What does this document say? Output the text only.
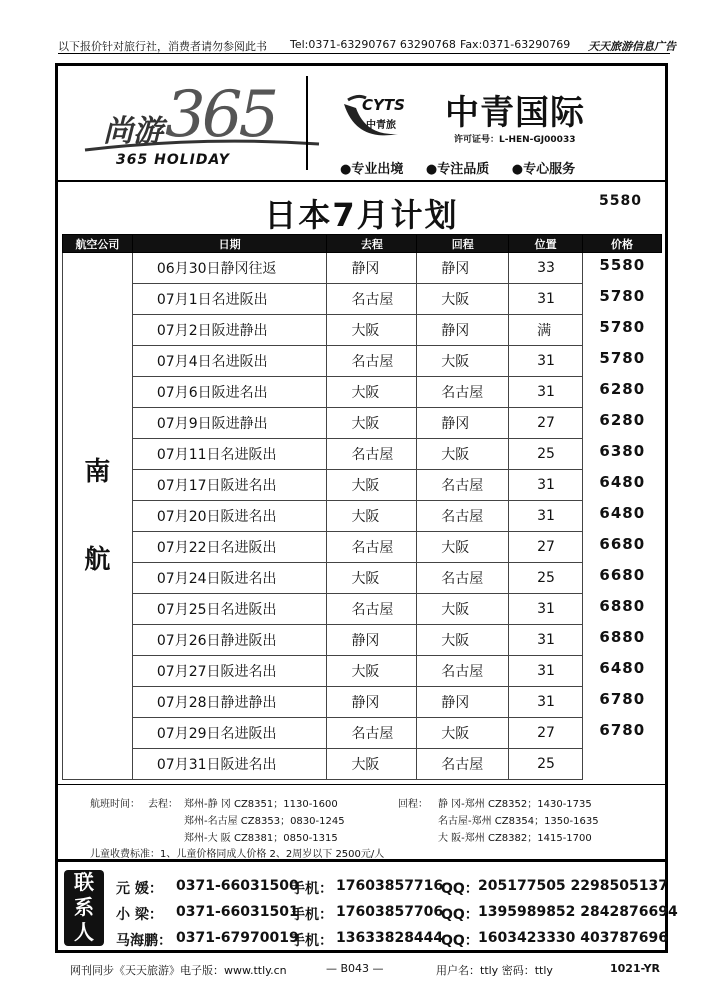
以下报价针对旅行社，消费者请勿参阅此书 Tel:0371-63290767 63290768 Fax:0371-63290769 天天旅游信息广告
尚游 365
365 HOLIDAY
CYTS
中青旅 中青国际
许可证号：L-HEN-GJ00033
●专业出境 ●专注品质 ●专心服务
日本7月计划	5580
航空公司	日期	去程	回程	位置	价格

南
航	06月30日静冈往返	静冈	静冈	33	5580
	07月1日名进阪出	名古屋	大阪	31	5780
	07月2日阪进静出	大阪	静冈	满	5780
	07月4日名进阪出	名古屋	大阪	31	5780
	07月6日阪进名出	大阪	名古屋	31	6280
	07月9日阪进静出	大阪	静冈	27	6280
	07月11日名进阪出	名古屋	大阪	25	6380
	07月17日阪进名出	大阪	名古屋	31	6480
	07月20日阪进名出	大阪	名古屋	31	6480
	07月22日名进阪出	名古屋	大阪	27	6680
	07月24日阪进名出	大阪	名古屋	25	6680
	07月25日名进阪出	名古屋	大阪	31	6880
	07月26日静进阪出	静冈	大阪	31	6880
	07月27日阪进名出	大阪	名古屋	31	6480
	07月28日静进静出	静冈	静冈	31	6780
	07月29日名进阪出	名古屋	大阪	27	6780
	07月31日阪进名出	大阪	名古屋	25	
航班时间： 去程： 郑州-静 冈 CZ8351；1130-1600
郑州-名古屋 CZ8353；0830-1245
郑州-大 阪 CZ8381；0850-1315
回程： 静 冈-郑州 CZ8352；1430-1735
名古屋-郑州 CZ8354；1350-1635
大 阪-郑州 CZ8382；1415-1700
儿童收费标准：1、儿童价格同成人价格 2、2周岁以下 2500元/人
联
系
人
元 媛： 0371-66031500
手机： 17603857716
QQ： 205177505 2298505137
小 梁： 0371-66031501
手机： 17603857706
QQ： 1395989852 2842876694
马海鹏： 0371-67970019
手机： 13633828444
QQ： 1603423330 403787696
网刊同步《天天旅游》电子版：www.ttly.cn	— B043 —	用户名：ttly 密码：ttly	1021-YR
